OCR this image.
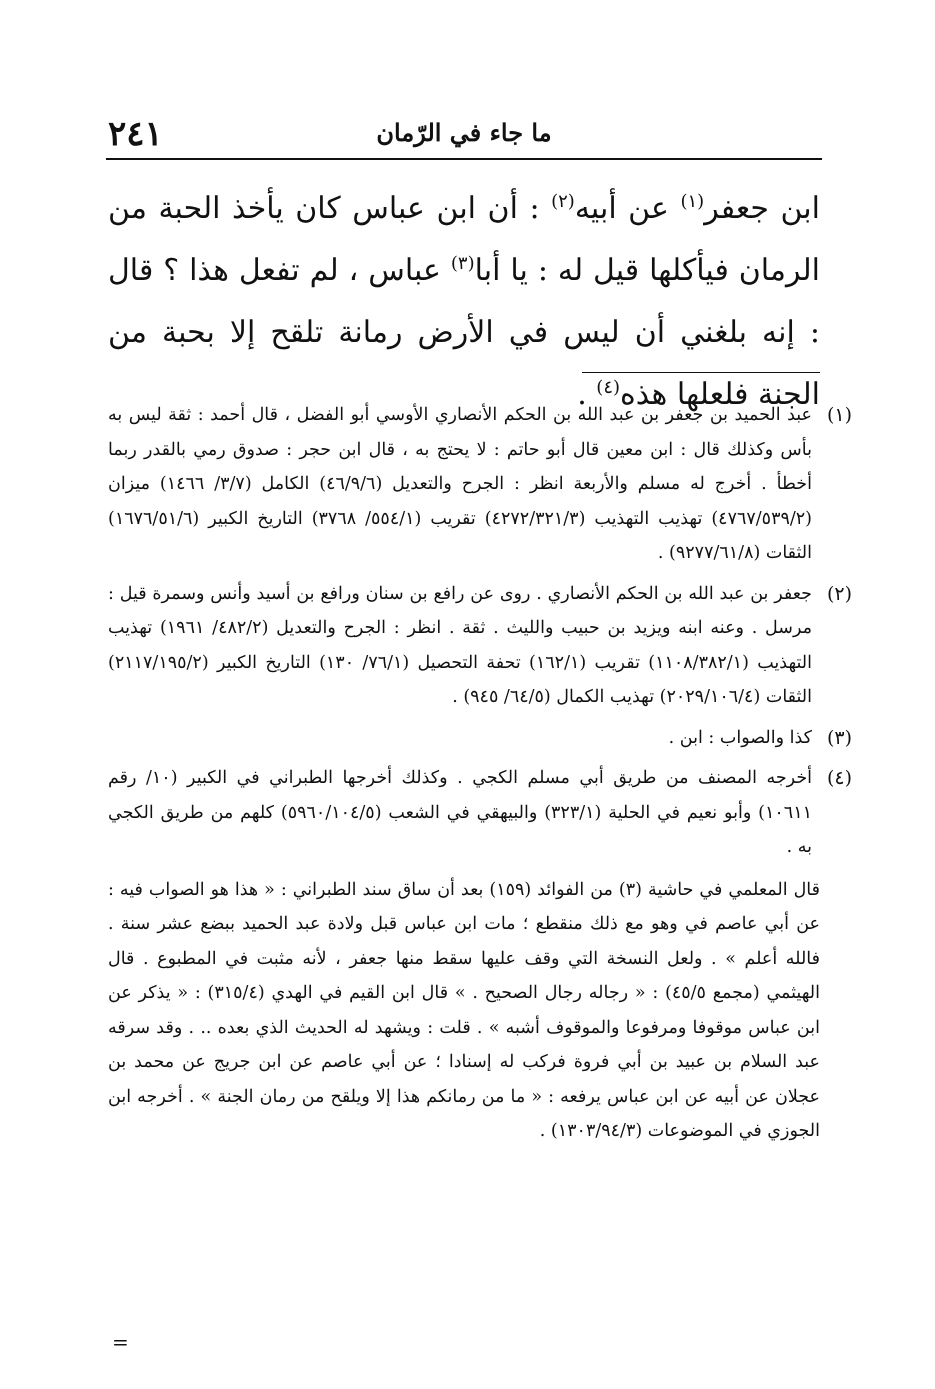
٢٤١	ما جاء في الرّمان

ابن جعفر$^{(١)}$ عن أبيه$^{(٢)}$ : أن ابن عباس كان يأخذ الحبة من الرمان فيأكلها قيل له : يا أبا$^{(٣)}$ عباس ، لم تفعل هذا ؟ قال : إنه بلغني أن ليس في الأرض رمانة تلقح إلا بحبة من الجنة فلعلها هذه$^{(٤)}$ .

(١)
عبد الحميد بن جعفر بن عبد الله بن الحكم الأنصاري الأوسي أبو الفضل ، قال أحمد : ثقة ليس به بأس وكذلك قال : ابن معين قال أبو حاتم : لا يحتج به ، قال ابن حجر : صدوق رمي بالقدر ربما أخطأ . أخرج له مسلم والأربعة انظر : الجرح والتعديل (٤٦/٩/٦) الكامل (٣/٧/ ١٤٦٦) ميزان (٤٧٦٧/٥٣٩/٢) تهذيب التهذيب (٤٢٧٢/٣٢١/٣) تقريب (٥٥٤/١/ ٣٧٦٨) التاريخ الكبير (١٦٧٦/٥١/٦) الثقات (٩٢٧٧/٦١/٨) .
(٢)
جعفر بن عبد الله بن الحكم الأنصاري . روى عن رافع بن سنان ورافع بن أسيد وأنس وسمرة قيل : مرسل . وعنه ابنه ويزيد بن حبيب والليث . ثقة . انظر : الجرح والتعديل (٤٨٢/٢/ ١٩٦١) تهذيب التهذيب (١١٠٨/٣٨٢/١) تقريب (١٦٢/١) تحفة التحصيل (٧٦/١/ ١٣٠) التاريخ الكبير (٢١١٧/١٩٥/٢) الثقات (٢٠٢٩/١٠٦/٤) تهذيب الكمال (٦٤/٥/ ٩٤٥) .
(٣)
كذا والصواب : ابن .
(٤)
أخرجه المصنف من طريق أبي مسلم الكجي . وكذلك أخرجها الطبراني في الكبير (١٠/ رقم ١٠٦١١) وأبو نعيم في الحلية (٣٢٣/١) والبيهقي في الشعب (٥٩٦٠/١٠٤/٥) كلهم من طريق الكجي به .

قال المعلمي في حاشية (٣) من الفوائد (١٥٩) بعد أن ساق سند الطبراني : « هذا هو الصواب فيه : عن أبي عاصم في وهو مع ذلك منقطع ؛ مات ابن عباس قبل ولادة عبد الحميد ببضع عشر سنة . فالله أعلم » . ولعل النسخة التي وقف عليها سقط منها جعفر ، لأنه مثبت في المطبوع . قال الهيثمي (مجمع ٤٥/٥) : « رجاله رجال الصحيح . » قال ابن القيم في الهدي (٣١٥/٤) : « يذكر عن ابن عباس موقوفا ومرفوعا والموقوف أشبه » . قلت : ويشهد له الحديث الذي بعده .. . وقد سرقه عبد السلام بن عبيد بن أبي فروة فركب له إسنادا ؛ عن أبي عاصم عن ابن جريج عن محمد بن عجلان عن أبيه عن ابن عباس يرفعه : « ما من رمانكم هذا إلا ويلقح من رمان الجنة » . أخرجه ابن الجوزي في الموضوعات (١٣٠٣/٩٤/٣) .

=
